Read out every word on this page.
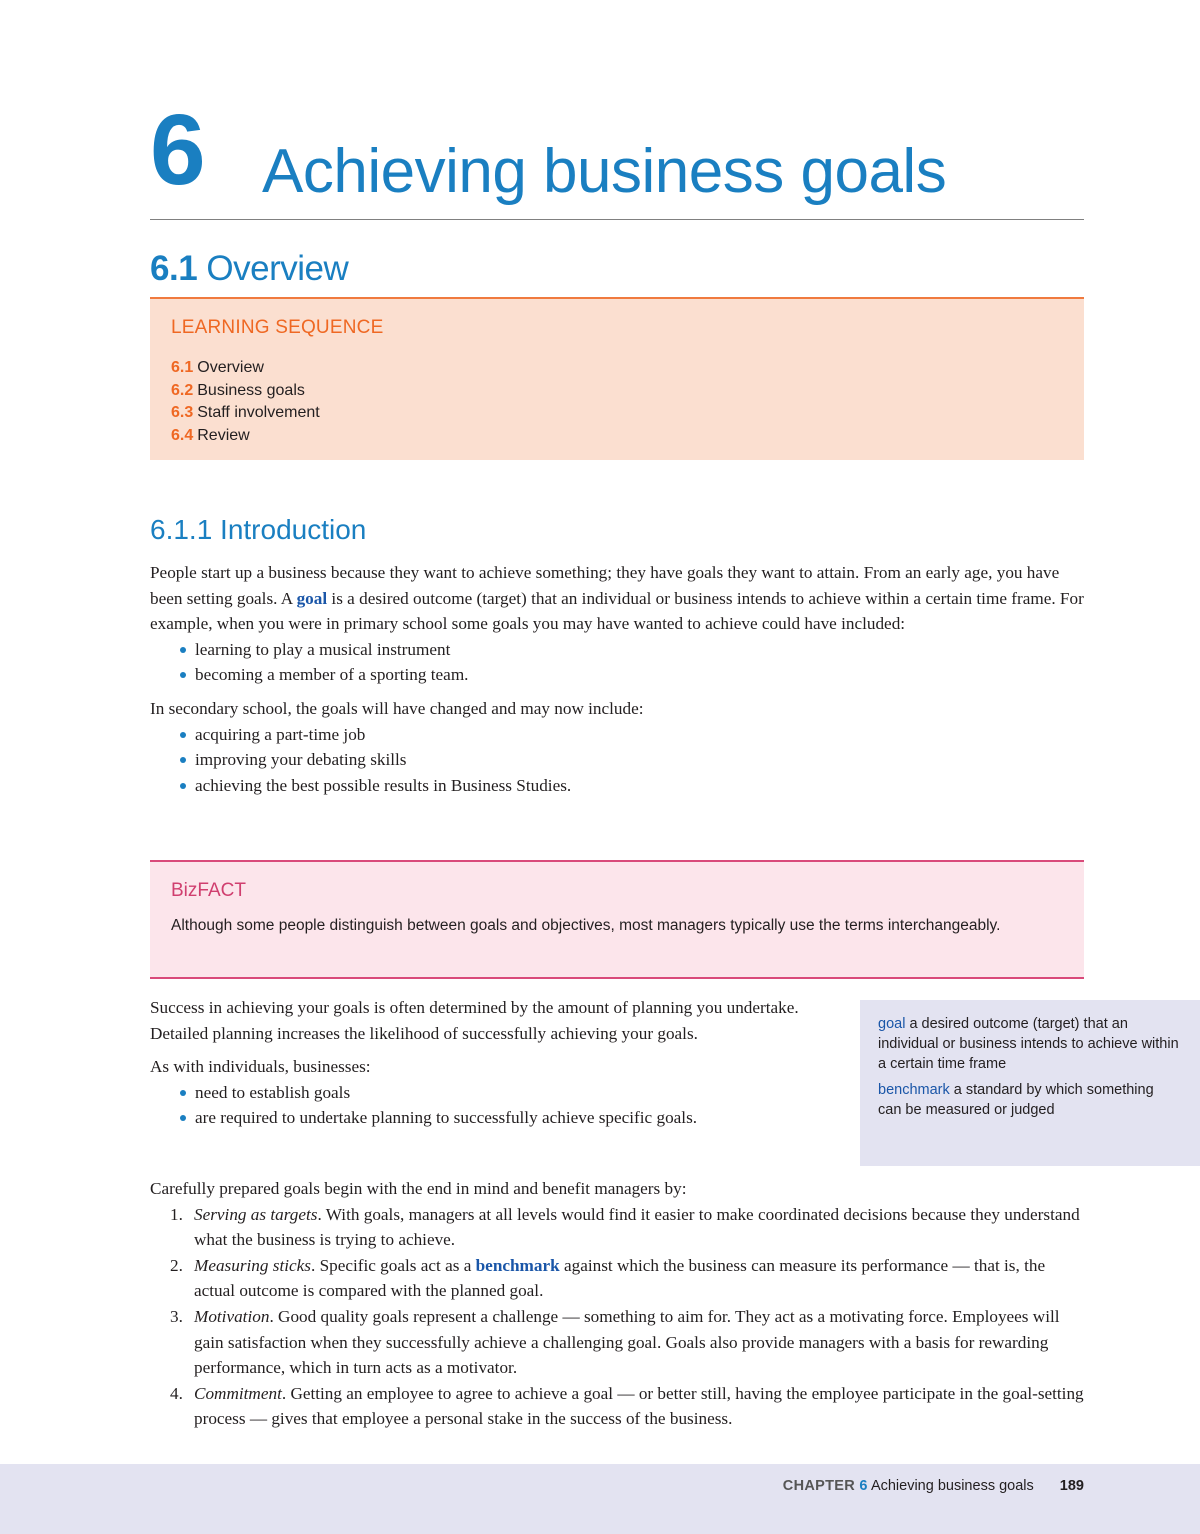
6 Achieving business goals
6.1 Overview
LEARNING SEQUENCE
6.1 Overview
6.2 Business goals
6.3 Staff involvement
6.4 Review
6.1.1 Introduction

People start up a business because they want to achieve something; they have goals they want to attain. From an early age, you have been setting goals. A goal is a desired outcome (target) that an individual or business intends to achieve within a certain time frame. For example, when you were in primary school some goals you may have wanted to achieve could have included:

learning to play a musical instrument
becoming a member of a sporting team.

In secondary school, the goals will have changed and may now include:

acquiring a part-time job
improving your debating skills
achieving the best possible results in Business Studies.
BizFACT
Although some people distinguish between goals and objectives, most managers typically use the terms interchangeably.

Success in achieving your goals is often determined by the amount of planning you undertake. Detailed planning increases the likelihood of successfully achieving your goals.

As with individuals, businesses:

need to establish goals
are required to undertake planning to successfully achieve specific goals.
goal a desired outcome (target) that an individual or business intends to achieve within a certain time frame
benchmark a standard by which something can be measured or judged

Carefully prepared goals begin with the end in mind and benefit managers by:

1. Serving as targets. With goals, managers at all levels would find it easier to make coordinated decisions because they understand what the business is trying to achieve.
2. Measuring sticks. Specific goals act as a benchmark against which the business can measure its performance — that is, the actual outcome is compared with the planned goal.
3. Motivation. Good quality goals represent a challenge — something to aim for. They act as a motivating force. Employees will gain satisfaction when they successfully achieve a challenging goal. Goals also provide managers with a basis for rewarding performance, which in turn acts as a motivator.
4. Commitment. Getting an employee to agree to achieve a goal — or better still, having the employee participate in the goal-setting process — gives that employee a personal stake in the success of the business.
CHAPTER 6 Achieving business goals 189
